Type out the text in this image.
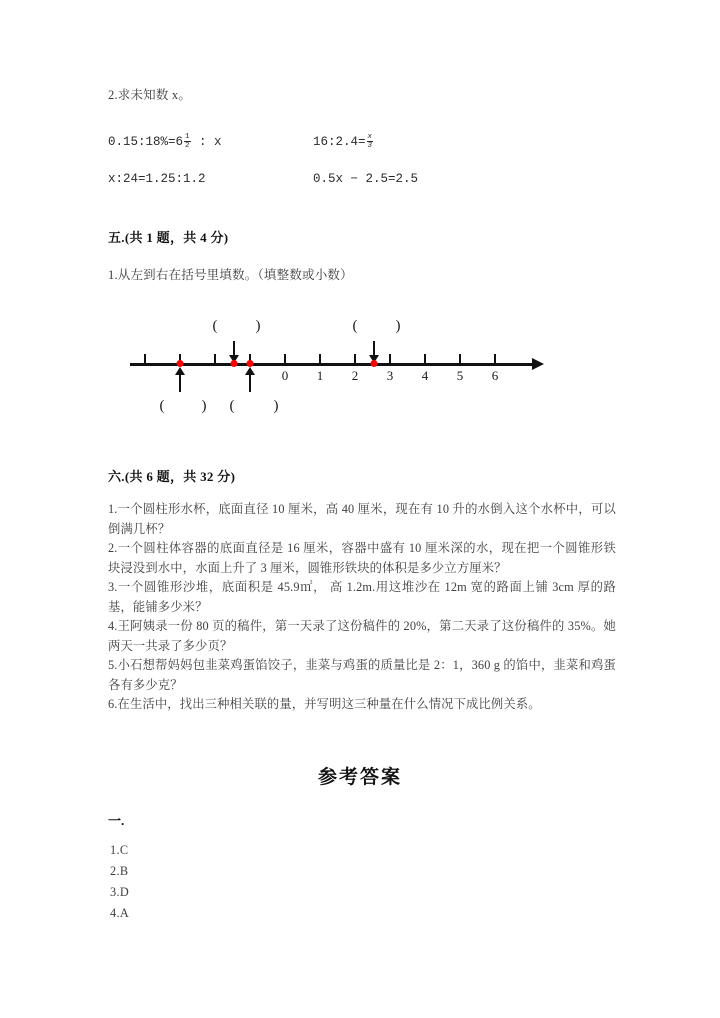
2.求未知数 x。
0.15:18%=6 $\frac{1}{2}$ : x	16:2.4= $\frac{x}{3}$
x:24=1.25:1.2	0.5x − 2.5=2.5
五.(共 1 题，共 4 分)
1.从左到右在括号里填数。（填整数或小数）
(	)	(	)
0 1 2 3 4 5 6
( ) (	)
六.(共 6 题，共 32 分)

1.一个圆柱形水杯，底面直径 10 厘米，高 40 厘米，现在有 10 升的水倒入这个水杯中，可以倒满几杯？

2.一个圆柱体容器的底面直径是 16 厘米，容器中盛有 10 厘米深的水，现在把一个圆锥形铁块浸没到水中，水面上升了 3 厘米，圆锥形铁块的体积是多少立方厘米？

3.一个圆锥形沙堆，底面积是 45.9㎡， 高 1.2m.用这堆沙在 12m 宽的路面上铺 3cm 厚的路基，能铺多少米？

4.王阿姨录一份 80 页的稿件，第一天录了这份稿件的 20%，第二天录了这份稿件的 35%。她两天一共录了多少页？

5.小石想帮妈妈包韭菜鸡蛋馅饺子，韭菜与鸡蛋的质量比是 2：1，360 g 的馅中，韭菜和鸡蛋各有多少克？

6.在生活中，找出三种相关联的量，并写明这三种量在什么情况下成比例关系。

参考答案
一.
1.C
2.B
3.D
4.A
